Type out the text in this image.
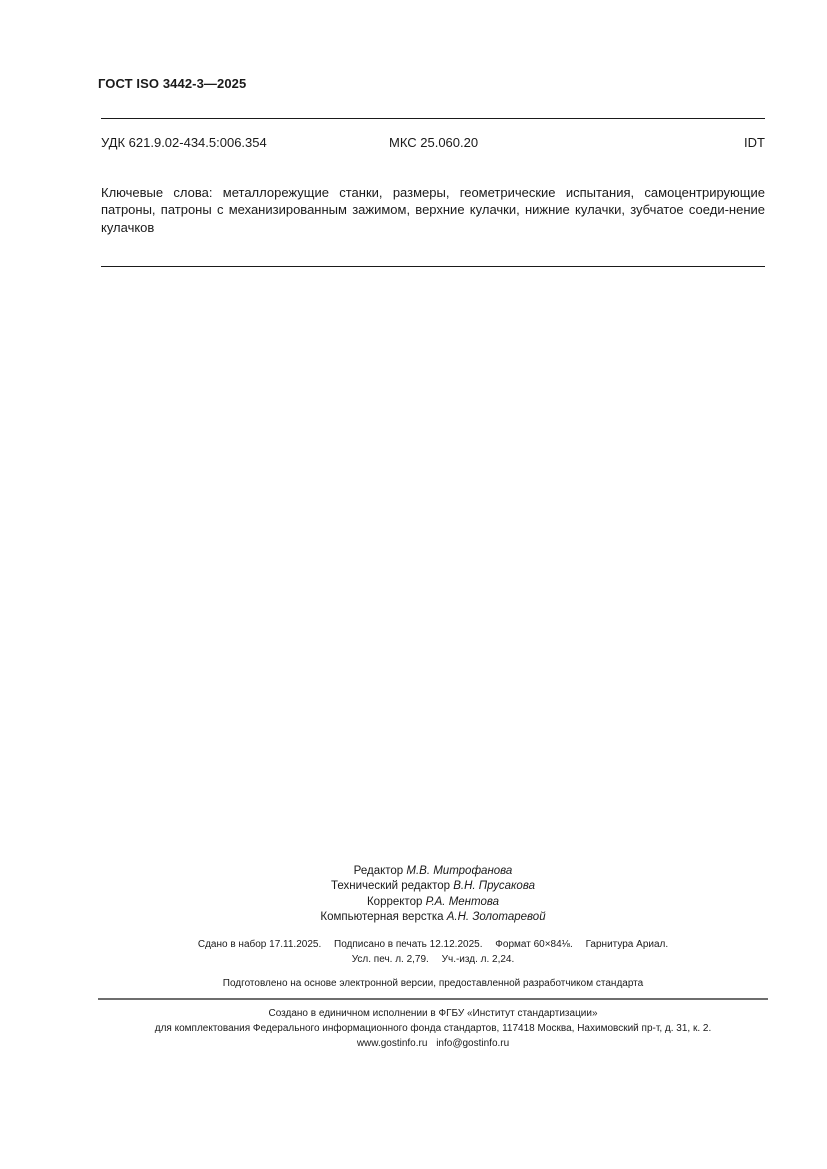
ГОСТ ISO 3442-3—2025
УДК 621.9.02-434.5:006.354	МКС 25.060.20	IDT
Ключевые слова: металлорежущие станки, размеры, геометрические испытания, самоцентрирующие патроны, патроны с механизированным зажимом, верхние кулачки, нижние кулачки, зубчатое соеди-нение кулачков
Редактор М.В. Митрофанова
Технический редактор В.Н. Прусакова
Корректор Р.А. Ментова
Компьютерная верстка А.Н. Золотаревой
Сдано в набор 17.11.2025. Подписано в печать 12.12.2025. Формат 60×84⅛. Гарнитура Ариал.
Усл. печ. л. 2,79. Уч.-изд. л. 2,24.
Подготовлено на основе электронной версии, предоставленной разработчиком стандарта
Создано в единичном исполнении в ФГБУ «Институт стандартизации»
для комплектования Федерального информационного фонда стандартов, 117418 Москва, Нахимовский пр-т, д. 31, к. 2.
www.gostinfo.ru info@gostinfo.ru
